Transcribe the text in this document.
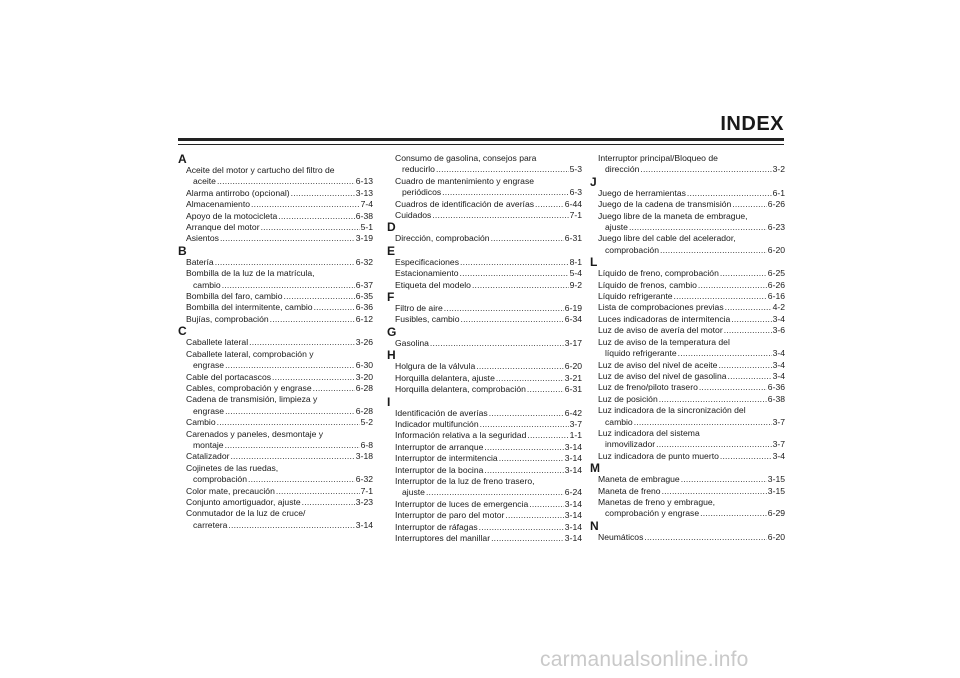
INDEX
A
Aceite del motor y cartucho del filtro de
aceite .....	6-13
Alarma antirrobo (opcional) .....	3-13
Almacenamiento .....	7-4
Apoyo de la motocicleta .....	6-38
Arranque del motor .....	5-1
Asientos .....	3-19
B
Batería .....	6-32
Bombilla de la luz de la matrícula,
cambio .....	6-37
Bombilla del faro, cambio .....	6-35
Bombilla del intermitente, cambio .....	6-36
Bujías, comprobación .....	6-12
C
Caballete lateral .....	3-26
Caballete lateral, comprobación y
engrase .....	6-30
Cable del portacascos .....	3-20
Cables, comprobación y engrase .....	6-28
Cadena de transmisión, limpieza y
engrase .....	6-28
Cambio .....	5-2
Carenados y paneles, desmontaje y
montaje .....	6-8
Catalizador .....	3-18
Cojinetes de las ruedas,
comprobación .....	6-32
Color mate, precaución .....	7-1
Conjunto amortiguador, ajuste .....	3-23
Conmutador de la luz de cruce/
carretera .....	3-14
Consumo de gasolina, consejos para
reducirlo .....	5-3
Cuadro de mantenimiento y engrase
periódicos .....	6-3
Cuadros de identificación de averías .....	6-44
Cuidados .....	7-1
D
Dirección, comprobación .....	6-31
E
Especificaciones .....	8-1
Estacionamiento .....	5-4
Etiqueta del modelo .....	9-2
F
Filtro de aire .....	6-19
Fusibles, cambio .....	6-34
G
Gasolina .....	3-17
H
Holgura de la válvula .....	6-20
Horquilla delantera, ajuste .....	3-21
Horquilla delantera, comprobación .....	6-31
I
Identificación de averías .....	6-42
Indicador multifunción .....	3-7
Información relativa a la seguridad .....	1-1
Interruptor de arranque .....	3-14
Interruptor de intermitencia .....	3-14
Interruptor de la bocina .....	3-14
Interruptor de la luz de freno trasero,
ajuste .....	6-24
Interruptor de luces de emergencia .....	3-14
Interruptor de paro del motor .....	3-14
Interruptor de ráfagas .....	3-14
Interruptores del manillar .....	3-14
Interruptor principal/Bloqueo de
dirección .....	3-2
J
Juego de herramientas .....	6-1
Juego de la cadena de transmisión .....	6-26
Juego libre de la maneta de embrague,
ajuste .....	6-23
Juego libre del cable del acelerador,
comprobación .....	6-20
L
Líquido de freno, comprobación .....	6-25
Líquido de frenos, cambio .....	6-26
Líquido refrigerante .....	6-16
Lista de comprobaciones previas .....	4-2
Luces indicadoras de intermitencia .....	3-4
Luz de aviso de avería del motor .....	3-6
Luz de aviso de la temperatura del
líquido refrigerante .....	3-4
Luz de aviso del nivel de aceite .....	3-4
Luz de aviso del nivel de gasolina .....	3-4
Luz de freno/piloto trasero .....	6-36
Luz de posición .....	6-38
Luz indicadora de la sincronización del
cambio .....	3-7
Luz indicadora del sistema
inmovilizador .....	3-7
Luz indicadora de punto muerto .....	3-4
M
Maneta de embrague .....	3-15
Maneta de freno .....	3-15
Manetas de freno y embrague,
comprobación y engrase .....	6-29
N
Neumáticos .....	6-20
carmanualsonline.info
